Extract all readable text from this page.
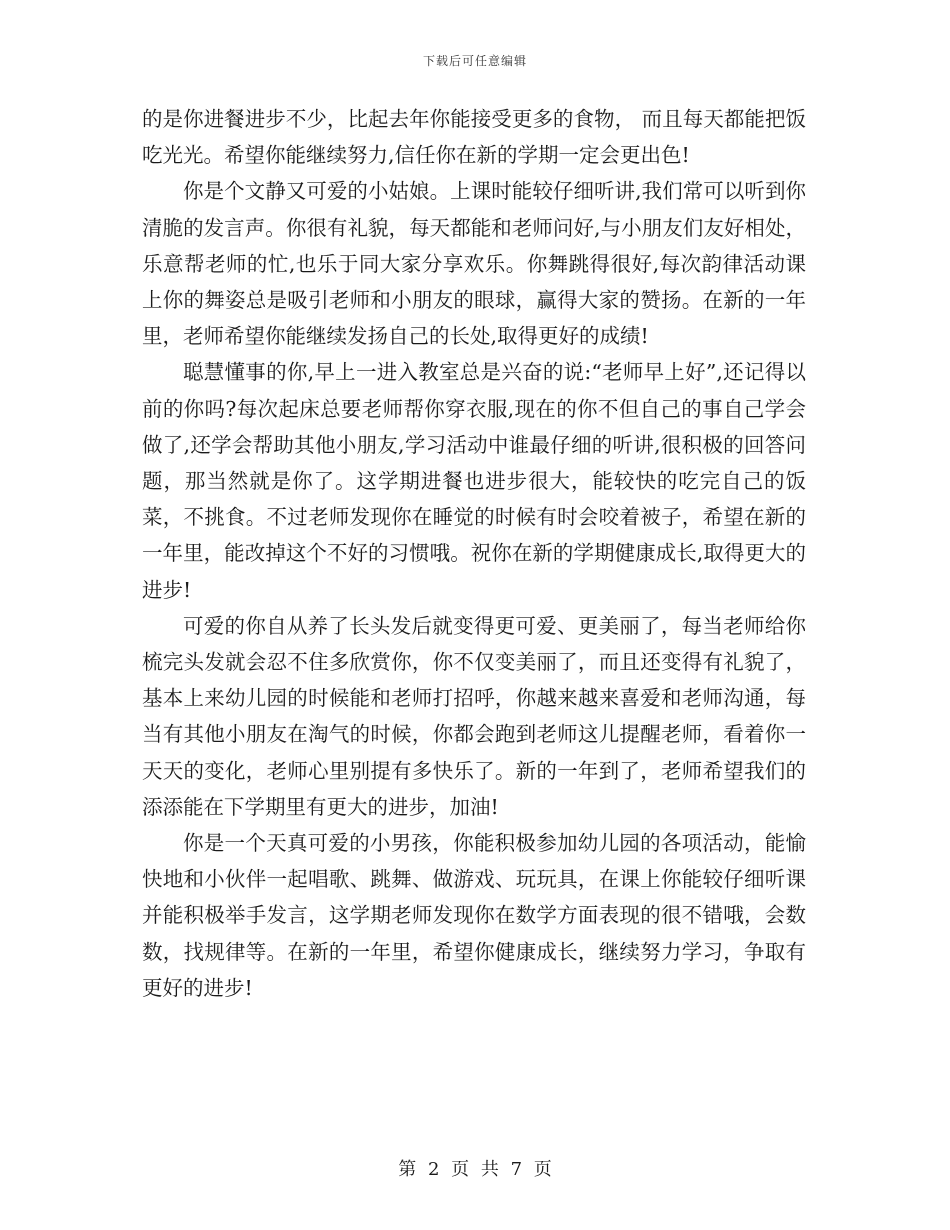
下载后可任意编辑

的是你进餐进步不少，比起去年你能接受更多的食物， 而且每天都能把饭吃光光。希望你能继续努力,信任你在新的学期一定会更出色!

你是个文静又可爱的小姑娘。上课时能较仔细听讲,我们常可以听到你清脆的发言声。你很有礼貌，每天都能和老师问好,与小朋友们友好相处，乐意帮老师的忙,也乐于同大家分享欢乐。你舞跳得很好,每次韵律活动课上你的舞姿总是吸引老师和小朋友的眼球，赢得大家的赞扬。在新的一年里，老师希望你能继续发扬自己的长处,取得更好的成绩!

聪慧懂事的你,早上一进入教室总是兴奋的说:“老师早上好”,还记得以前的你吗?每次起床总要老师帮你穿衣服,现在的你不但自己的事自己学会做了,还学会帮助其他小朋友,学习活动中谁最仔细的听讲,很积极的回答问题，那当然就是你了。这学期进餐也进步很大，能较快的吃完自己的饭菜，不挑食。不过老师发现你在睡觉的时候有时会咬着被子，希望在新的一年里，能改掉这个不好的习惯哦。祝你在新的学期健康成长,取得更大的进步!

可爱的你自从养了长头发后就变得更可爱、更美丽了，每当老师给你梳完头发就会忍不住多欣赏你，你不仅变美丽了，而且还变得有礼貌了，基本上来幼儿园的时候能和老师打招呼，你越来越来喜爱和老师沟通，每当有其他小朋友在淘气的时候，你都会跑到老师这儿提醒老师，看着你一天天的变化，老师心里别提有多快乐了。新的一年到了，老师希望我们的添添能在下学期里有更大的进步，加油!

你是一个天真可爱的小男孩，你能积极参加幼儿园的各项活动，能愉快地和小伙伴一起唱歌、跳舞、做游戏、玩玩具，在课上你能较仔细听课并能积极举手发言，这学期老师发现你在数学方面表现的很不错哦，会数数，找规律等。在新的一年里，希望你健康成长，继续努力学习，争取有更好的进步!

第 2 页 共 7 页
